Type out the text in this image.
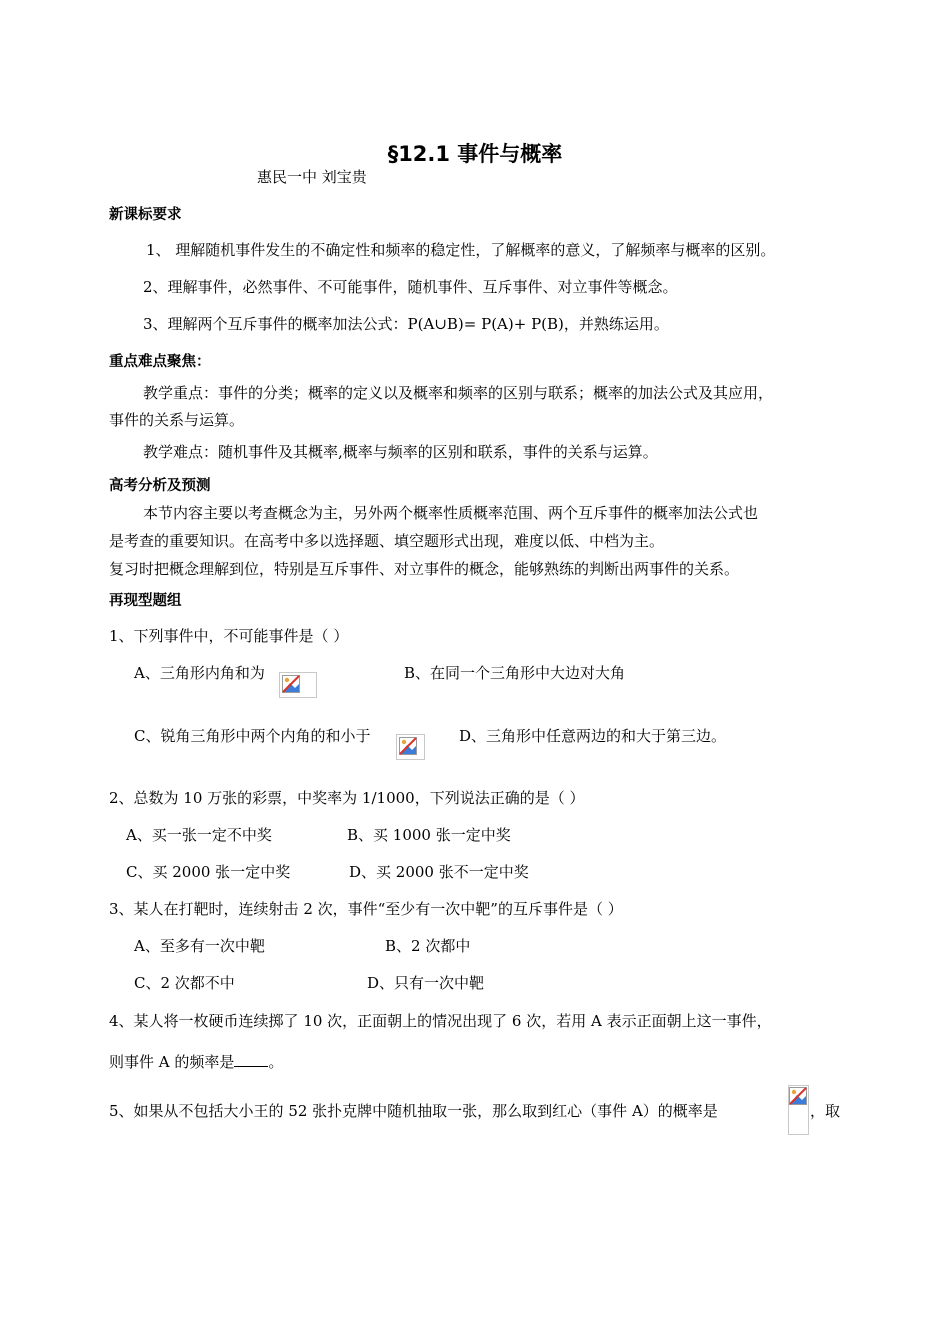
§12.1 事件与概率
惠民一中 刘宝贵
新课标要求
1、 理解随机事件发生的不确定性和频率的稳定性，了解概率的意义，了解频率与概率的区别。
2、理解事件，必然事件、不可能事件，随机事件、互斥事件、对立事件等概念。
3、理解两个互斥事件的概率加法公式：P(A∪B)= P(A)+ P(B)，并熟练运用。
重点难点聚焦：
教学重点：事件的分类；概率的定义以及概率和频率的区别与联系；概率的加法公式及其应用，
事件的关系与运算。
教学难点：随机事件及其概率,概率与频率的区别和联系，事件的关系与运算。
高考分析及预测
本节内容主要以考查概念为主，另外两个概率性质概率范围、两个互斥事件的概率加法公式也
是考查的重要知识。在高考中多以选择题、填空题形式出现，难度以低、中档为主。
复习时把概念理解到位，特别是互斥事件、对立事件的概念，能够熟练的判断出两事件的关系。
再现型题组
1、下列事件中，不可能事件是（ ）
A、三角形内角和为	B、在同一个三角形中大边对大角
C、锐角三角形中两个内角的和小于	D、三角形中任意两边的和大于第三边。
2、总数为 10 万张的彩票，中奖率为 1/1000，下列说法正确的是（ ）
A、买一张一定不中奖	B、买 1000 张一定中奖
C、买 2000 张一定中奖	D、买 2000 张不一定中奖
3、某人在打靶时，连续射击 2 次，事件“至少有一次中靶”的互斥事件是（ ）
A、至多有一次中靶	B、2 次都中
C、2 次都不中	D、只有一次中靶
4、某人将一枚硬币连续掷了 10 次，正面朝上的情况出现了 6 次，若用 A 表示正面朝上这一事件，
则事件 A 的频率是 。
5、如果从不包括大小王的 52 张扑克牌中随机抽取一张，那么取到红心（事件 A）的概率是	，取
